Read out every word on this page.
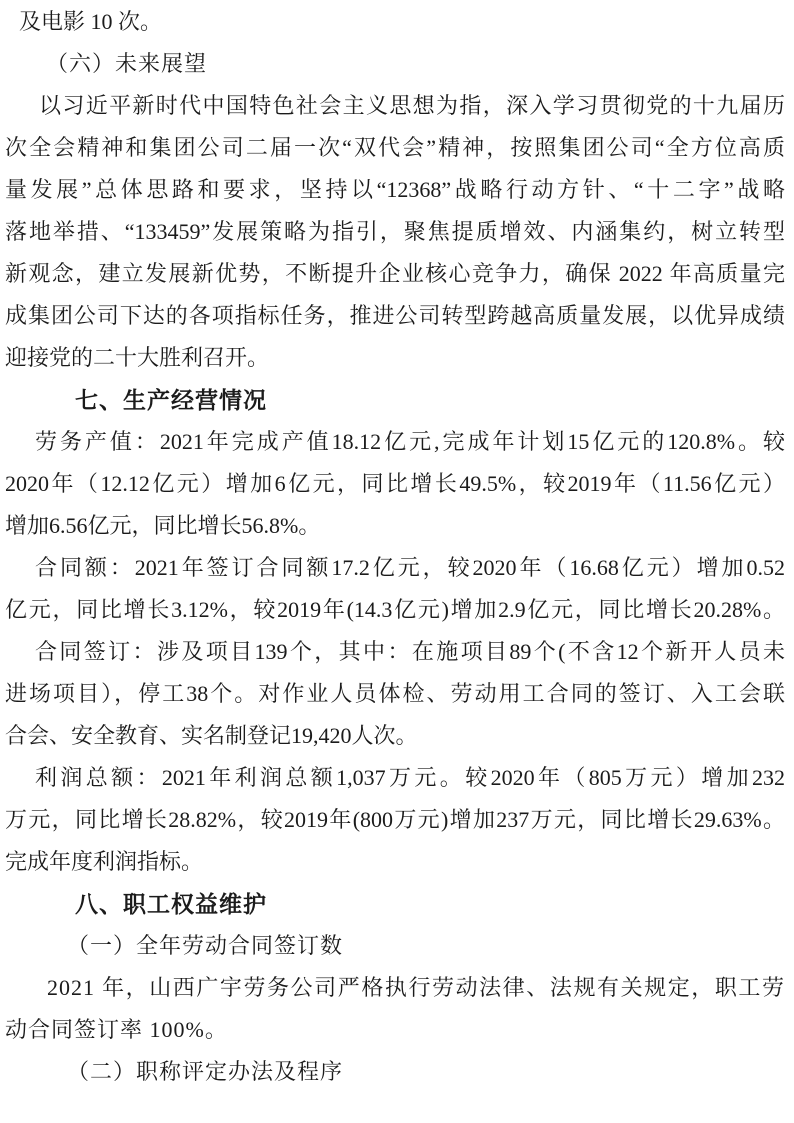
及电影 10 次。
（六）未来展望
以习近平新时代中国特色社会主义思想为指，深入学习贯彻党的十九届历
次全会精神和集团公司二届一次“双代会”精神，按照集团公司“全方位高质
量发展”总体思路和要求，坚持以“12368”战略行动方针、“十二字”战略
落地举措、“133459”发展策略为指引，聚焦提质增效、内涵集约，树立转型
新观念，建立发展新优势，不断提升企业核心竞争力，确保 2022 年高质量完
成集团公司下达的各项指标任务，推进公司转型跨越高质量发展，以优异成绩
迎接党的二十大胜利召开。
七、生产经营情况
劳务产值：2021年完成产值18.12亿元,完成年计划15亿元的120.8%。较
2020年（12.12亿元）增加6亿元，同比增长49.5%，较2019年（11.56亿元）
增加6.56亿元，同比增长56.8%。
合同额：2021年签订合同额17.2亿元，较2020年（16.68亿元）增加0.52
亿元，同比增长3.12%，较2019年(14.3亿元)增加2.9亿元，同比增长20.28%。
合同签订：涉及项目139个，其中：在施项目89个(不含12个新开人员未
进场项目），停工38个。对作业人员体检、劳动用工合同的签订、入工会联
合会、安全教育、实名制登记19,420人次。
利润总额：2021年利润总额1,037万元。较2020年（805万元）增加232
万元，同比增长28.82%，较2019年(800万元)增加237万元，同比增长29.63%。
完成年度利润指标。
八、职工权益维护
（一）全年劳动合同签订数
2021 年，山西广宇劳务公司严格执行劳动法律、法规有关规定，职工劳
动合同签订率 100%。
（二）职称评定办法及程序
